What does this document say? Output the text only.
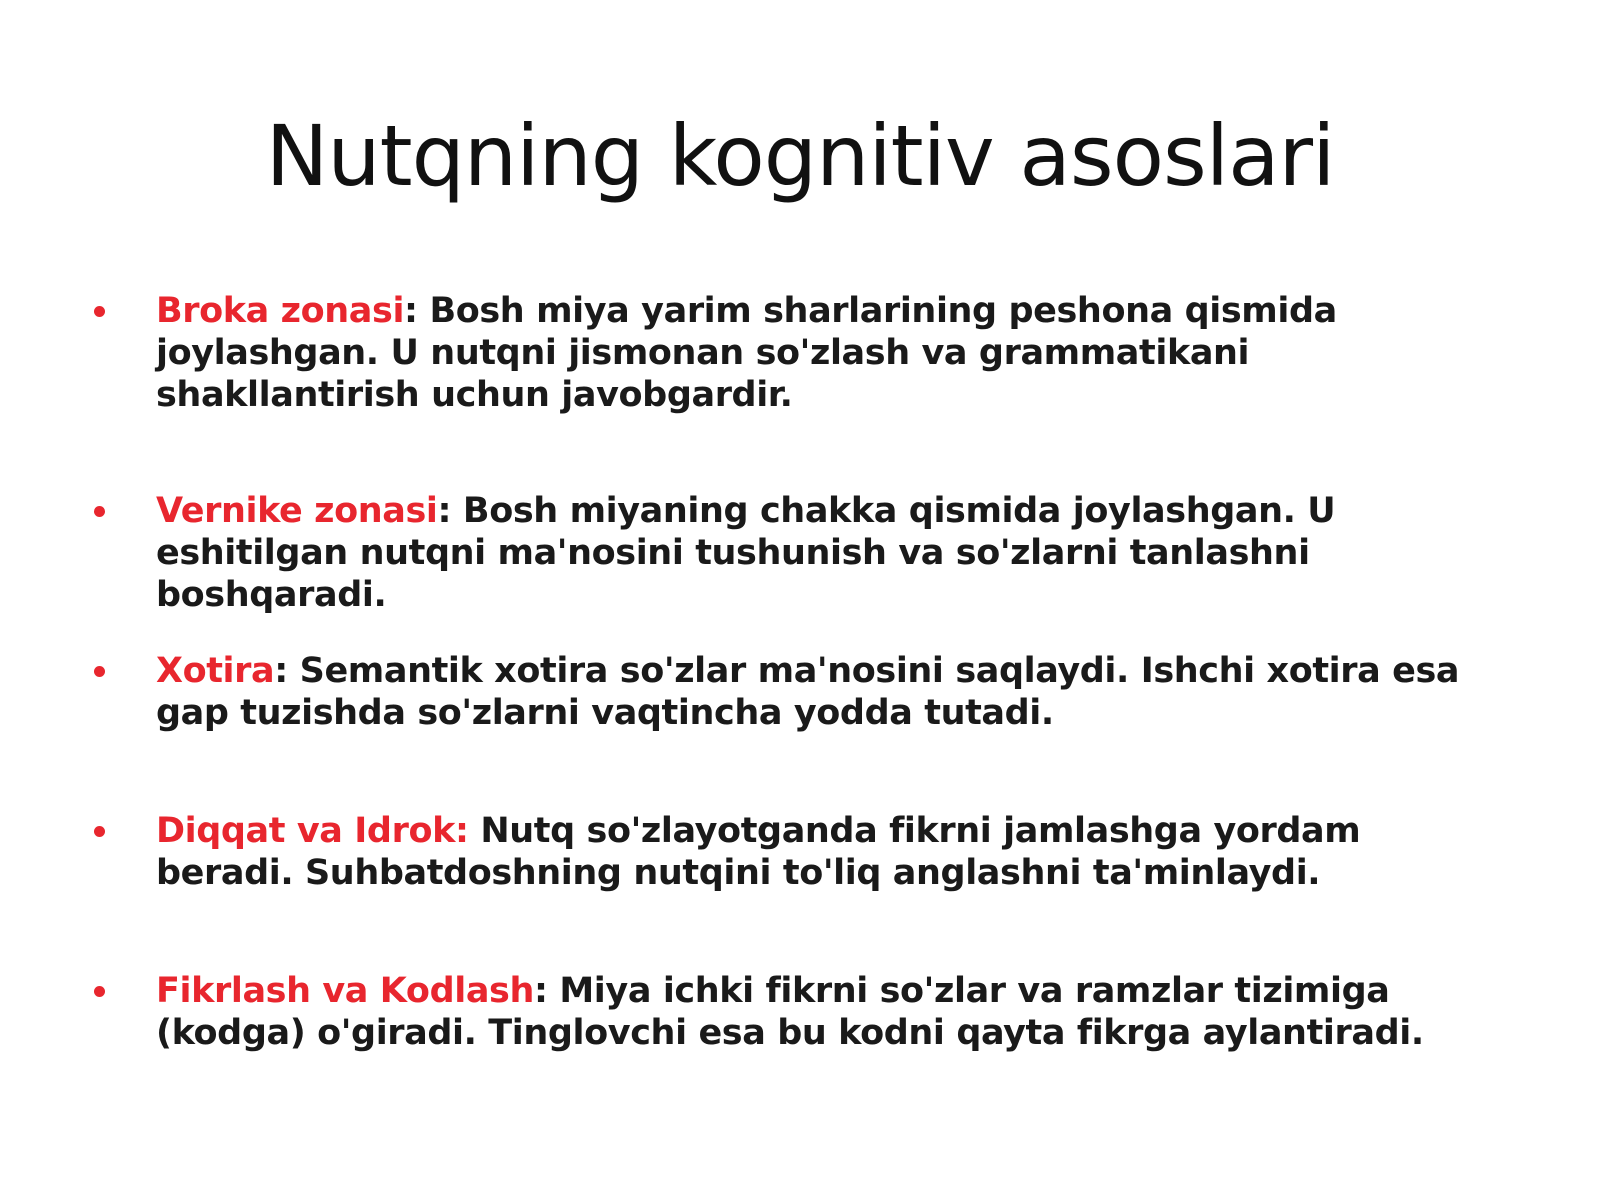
Nutqning kognitiv asoslari
Broka zonasi: Bosh miya yarim sharlarining peshona qismida joylashgan. U nutqni jismonan so'zlash va grammatikani shakllantirish uchun javobgardir.
Vernike zonasi: Bosh miyaning chakka qismida joylashgan. U eshitilgan nutqni ma'nosini tushunish va so'zlarni tanlashni boshqaradi.
Xotira: Semantik xotira so'zlar ma'nosini saqlaydi. Ishchi xotira esa gap tuzishda so'zlarni vaqtincha yodda tutadi.
Diqqat va Idrok: Nutq so'zlayotganda fikrni jamlashga yordam beradi. Suhbatdoshning nutqini to'liq anglashni ta'minlaydi.
Fikrlash va Kodlash: Miya ichki fikrni so'zlar va ramzlar tizimiga (kodga) o'giradi. Tinglovchi esa bu kodni qayta fikrga aylantiradi.
